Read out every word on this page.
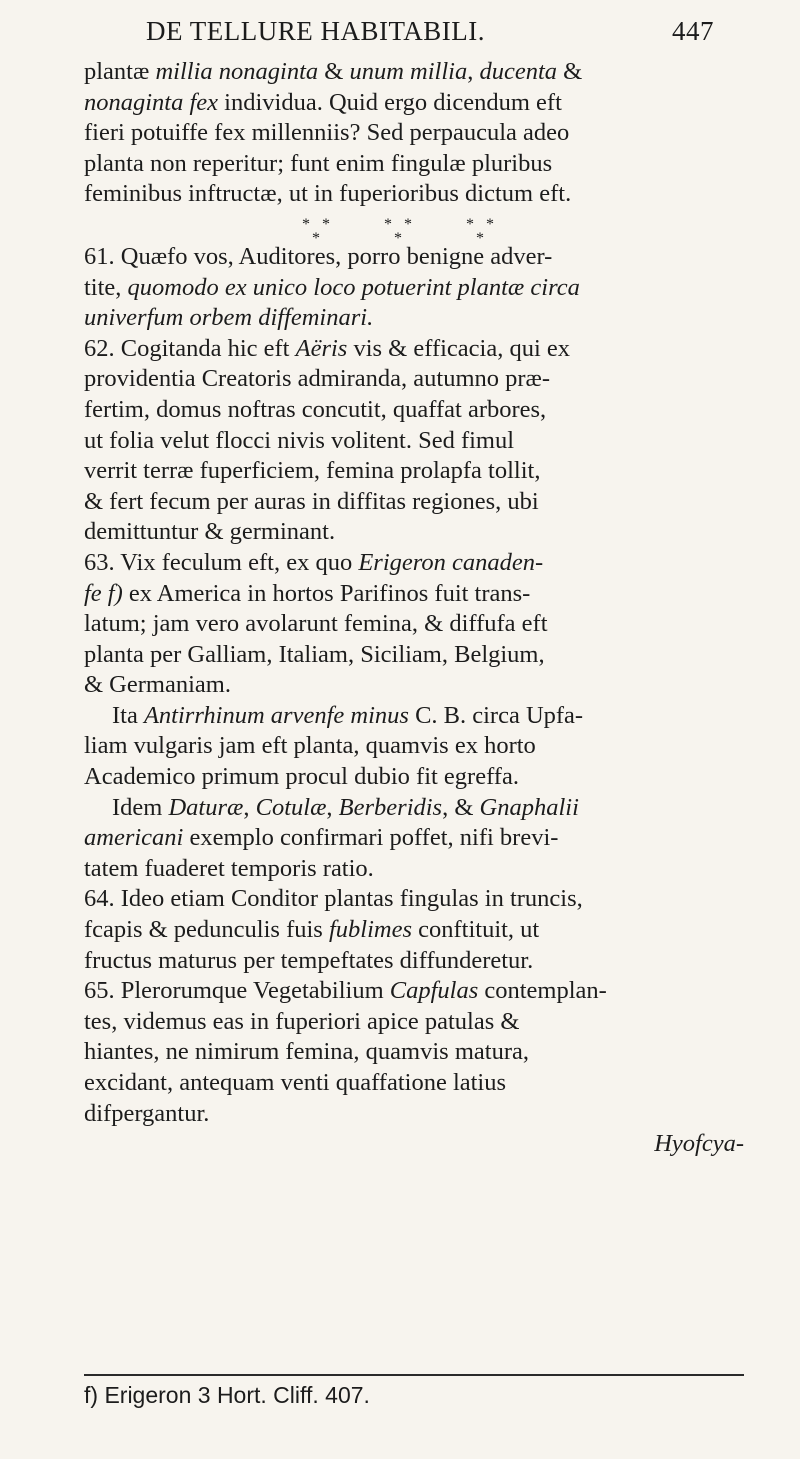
DE TELLURE HABITABILI.	447
plantæ millia nonaginta & unum millia, ducenta &
nonaginta fex individua. Quid ergo dicendum eft
fieri potuiffe fex millenniis? Sed perpaucula adeo
planta non reperitur; funt enim fingulæ pluribus
feminibus inftructæ, ut in fuperioribus dictum eft.
* *	* *	* *
*	*	*
61. Quæfo vos, Auditores, porro benigne adver-
tite, quomodo ex unico loco potuerint plantæ circa
univerfum orbem diffeminari.
62. Cogitanda hic eft Aëris vis & efficacia, qui ex
providentia Creatoris admiranda, autumno præ-
fertim, domus noftras concutit, quaffat arbores,
ut folia velut flocci nivis volitent. Sed fimul
verrit terræ fuperficiem, femina prolapfa tollit,
& fert fecum per auras in diffitas regiones, ubi
demittuntur & germinant.
63. Vix feculum eft, ex quo Erigeron canaden-
fe f) ex America in hortos Parifinos fuit trans-
latum; jam vero avolarunt femina, & diffufa eft
planta per Galliam, Italiam, Siciliam, Belgium,
& Germaniam.
Ita Antirrhinum arvenfe minus C. B. circa Upfa-
liam vulgaris jam eft planta, quamvis ex horto
Academico primum procul dubio fit egreffa.
Idem Daturæ, Cotulæ, Berberidis, & Gnaphalii
americani exemplo confirmari poffet, nifi brevi-
tatem fuaderet temporis ratio.
64. Ideo etiam Conditor plantas fingulas in truncis,
fcapis & pedunculis fuis fublimes conftituit, ut
fructus maturus per tempeftates diffunderetur.
65. Plerorumque Vegetabilium Capfulas contemplan-
tes, videmus eas in fuperiori apice patulas &
hiantes, ne nimirum femina, quamvis matura,
excidant, antequam venti quaffatione latius
difpergantur.
Hyofcya-
f) Erigeron 3 Hort. Cliff. 407.
